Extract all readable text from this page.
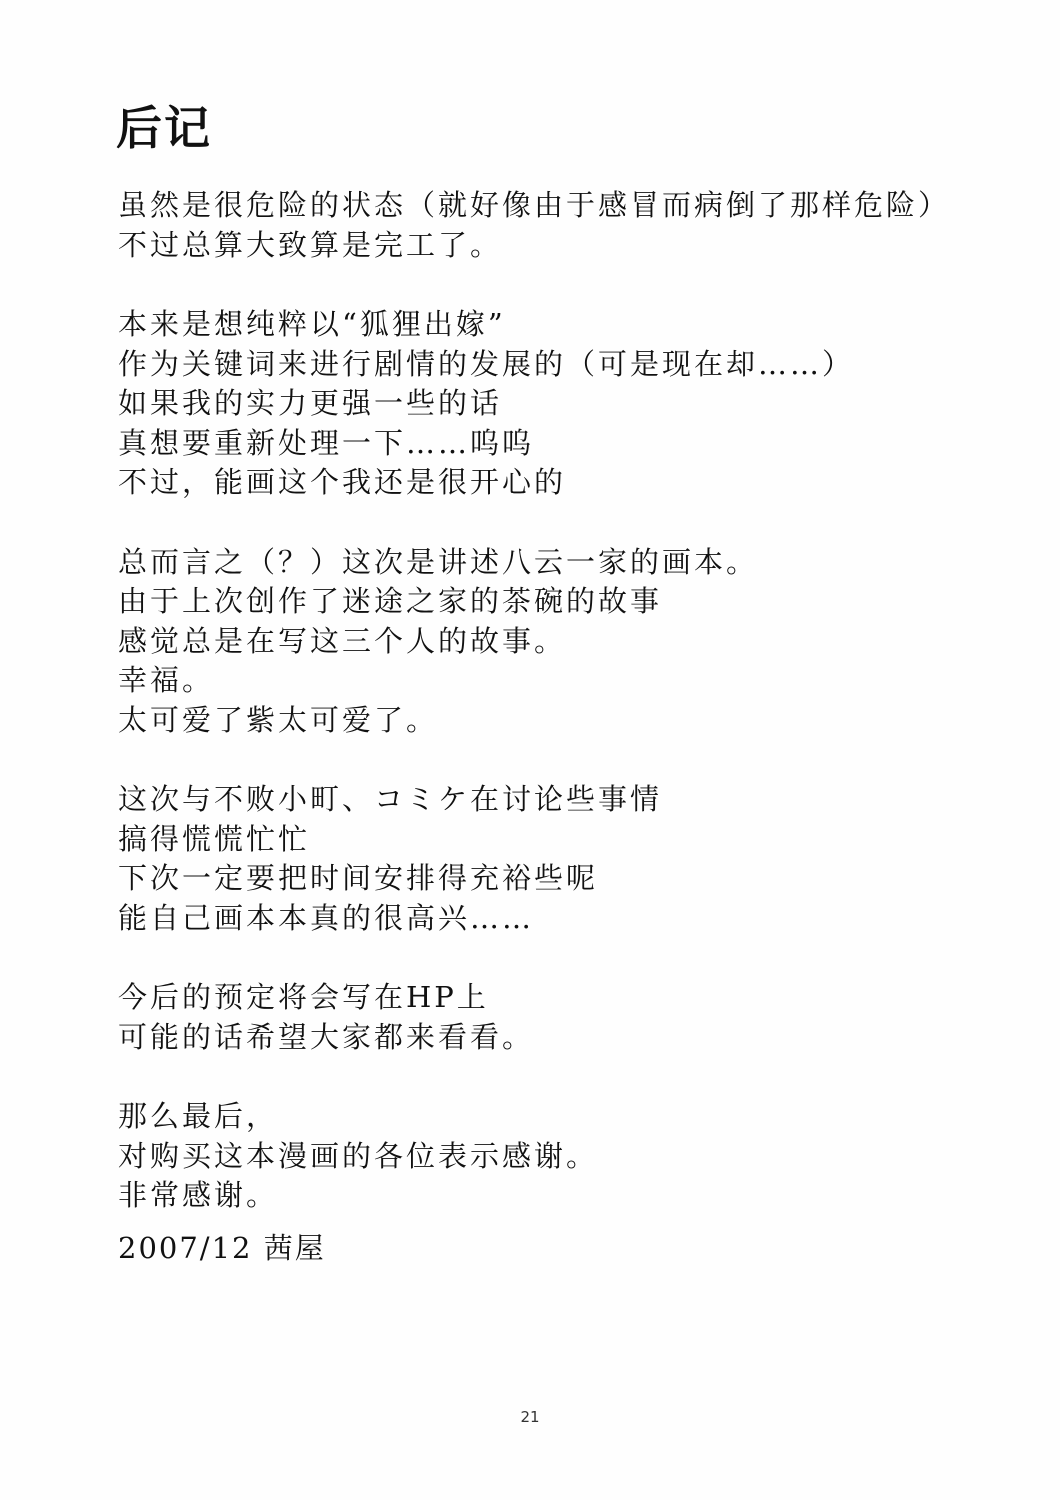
后记
虽然是很危险的状态（就好像由于感冒而病倒了那样危险）
不过总算大致算是完工了。
本来是想纯粹以“狐狸出嫁”
作为关键词来进行剧情的发展的（可是现在却……）
如果我的实力更强一些的话
真想要重新处理一下……呜呜
不过，能画这个我还是很开心的
总而言之（？）这次是讲述八云一家的画本。
由于上次创作了迷途之家的茶碗的故事
感觉总是在写这三个人的故事。
幸福。
太可爱了紫太可爱了。
这次与不败小町、コミケ在讨论些事情
搞得慌慌忙忙
下次一定要把时间安排得充裕些呢
能自己画本本真的很高兴……
今后的预定将会写在HP上
可能的话希望大家都来看看。
那么最后，
对购买这本漫画的各位表示感谢。
非常感谢。
2007/12 茜屋
21
